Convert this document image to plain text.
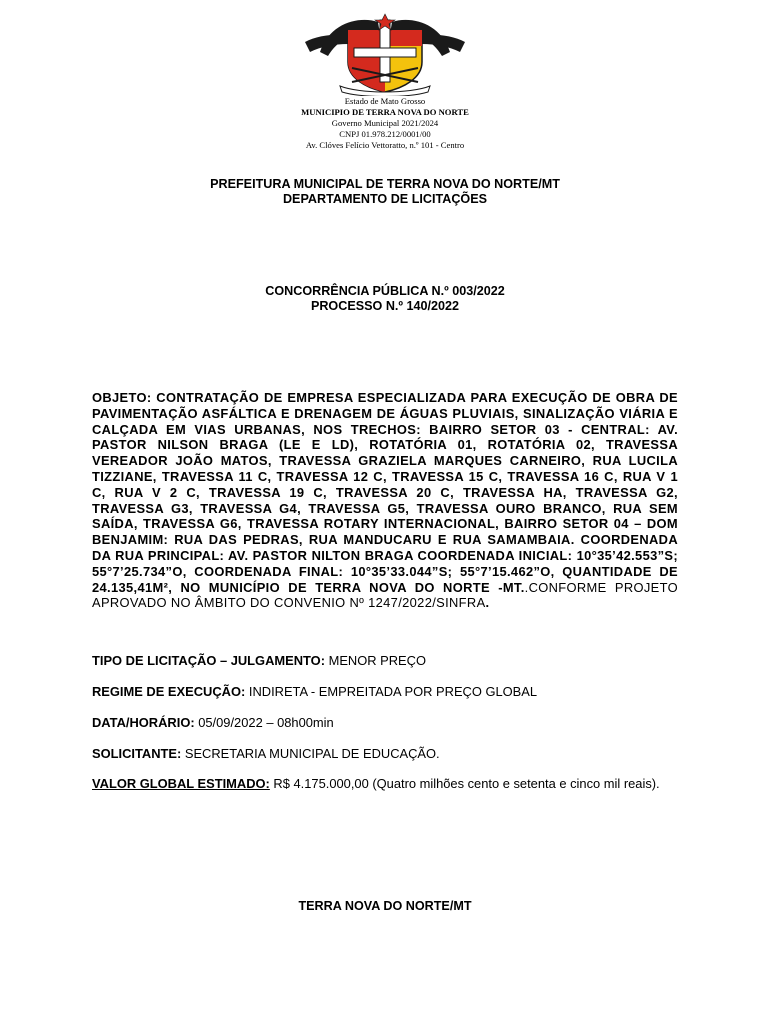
Estado de Mato Grosso
MUNICIPIO DE TERRA NOVA DO NORTE
Governo Municipal 2021/2024
CNPJ 01.978.212/0001/00
Av. Clóves Felício Vettoratto, n.º 101 - Centro
PREFEITURA MUNICIPAL DE TERRA NOVA DO NORTE/MT
DEPARTAMENTO DE LICITAÇÕES
CONCORRÊNCIA PÚBLICA N.º 003/2022
PROCESSO N.º 140/2022
OBJETO: CONTRATAÇÃO DE EMPRESA ESPECIALIZADA PARA EXECUÇÃO DE OBRA DE PAVIMENTAÇÃO ASFÁLTICA E DRENAGEM DE ÁGUAS PLUVIAIS, SINALIZAÇÃO VIÁRIA E CALÇADA EM VIAS URBANAS, NOS TRECHOS: BAIRRO SETOR 03 - CENTRAL: AV. PASTOR NILSON BRAGA (LE E LD), ROTATÓRIA 01, ROTATÓRIA 02, TRAVESSA VEREADOR JOÃO MATOS, TRAVESSA GRAZIELA MARQUES CARNEIRO, RUA LUCILA TIZZIANE, TRAVESSA 11 C, TRAVESSA 12 C, TRAVESSA 15 C, TRAVESSA 16 C, RUA V 1 C, RUA V 2 C, TRAVESSA 19 C, TRAVESSA 20 C, TRAVESSA HA, TRAVESSA G2, TRAVESSA G3, TRAVESSA G4, TRAVESSA G5, TRAVESSA OURO BRANCO, RUA SEM SAÍDA, TRAVESSA G6, TRAVESSA ROTARY INTERNACIONAL, BAIRRO SETOR 04 – DOM BENJAMIM: RUA DAS PEDRAS, RUA MANDUCARU E RUA SAMAMBAIA. COORDENADA DA RUA PRINCIPAL: AV. PASTOR NILTON BRAGA COORDENADA INICIAL: 10°35’42.553”S; 55°7’25.734”O, COORDENADA FINAL: 10°35’33.044”S; 55°7’15.462”O, QUANTIDADE DE 24.135,41M², NO MUNICÍPIO DE TERRA NOVA DO NORTE -MT..CONFORME PROJETO APROVADO NO ÂMBITO DO CONVENIO Nº 1247/2022/SINFRA.
TIPO DE LICITAÇÃO – JULGAMENTO: MENOR PREÇO
REGIME DE EXECUÇÃO: INDIRETA - EMPREITADA POR PREÇO GLOBAL
DATA/HORÁRIO: 05/09/2022 – 08h00min
SOLICITANTE: SECRETARIA MUNICIPAL DE EDUCAÇÃO.
VALOR GLOBAL ESTIMADO: R$ 4.175.000,00 (Quatro milhões cento e setenta e cinco mil reais).
TERRA NOVA DO NORTE/MT
